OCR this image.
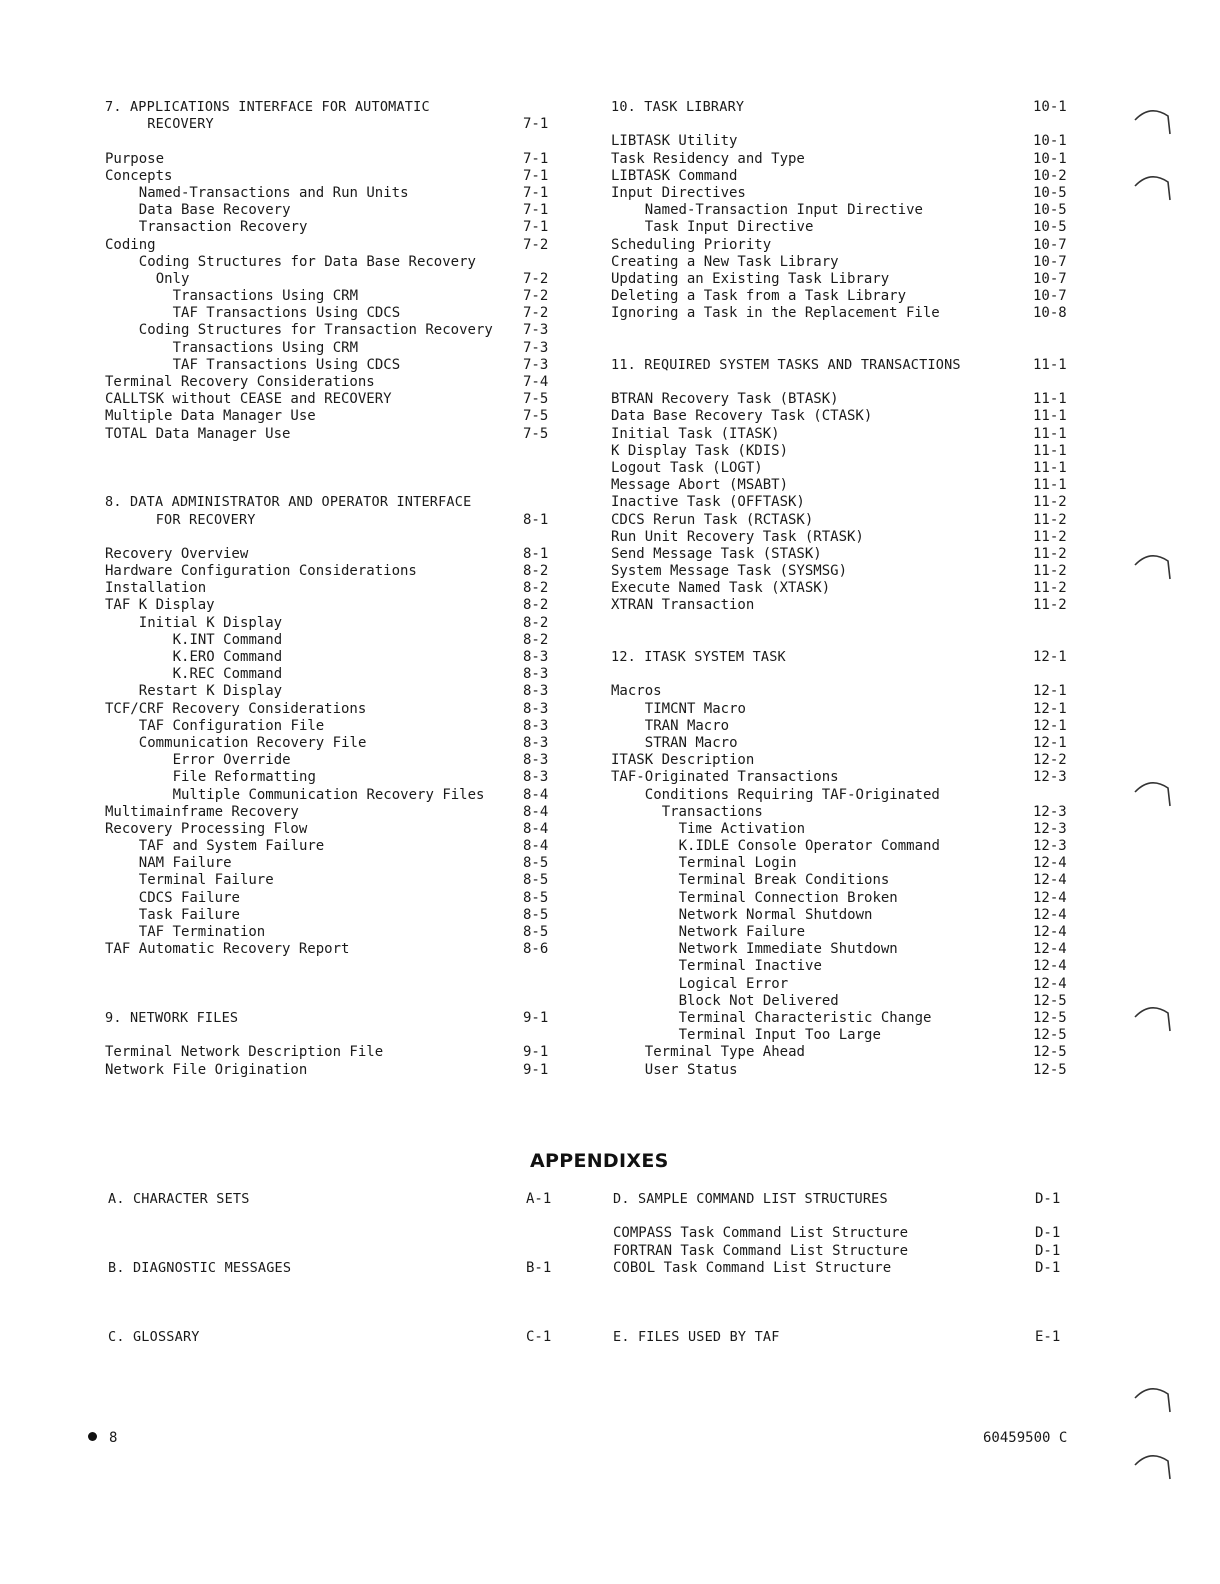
7. APPLICATIONS INTERFACE FOR AUTOMATIC
RECOVERY	7-1
Purpose	7-1
Concepts	7-1
Named-Transactions and Run Units	7-1
Data Base Recovery	7-1
Transaction Recovery	7-1
Coding	7-2
Coding Structures for Data Base Recovery
Only	7-2
Transactions Using CRM	7-2
TAF Transactions Using CDCS	7-2
Coding Structures for Transaction Recovery 7-3
Transactions Using CRM	7-3
TAF Transactions Using CDCS	7-3
Terminal Recovery Considerations	7-4
CALLTSK without CEASE and RECOVERY	7-5
Multiple Data Manager Use	7-5
TOTAL Data Manager Use	7-5
8. DATA ADMINISTRATOR AND OPERATOR INTERFACE
FOR RECOVERY	8-1
Recovery Overview	8-1
Hardware Configuration Considerations	8-2
Installation	8-2
TAF K Display	8-2
Initial K Display	8-2
K.INT Command	8-2
K.ERO Command	8-3
K.REC Command	8-3
Restart K Display	8-3
TCF/CRF Recovery Considerations	8-3
TAF Configuration File	8-3
Communication Recovery File	8-3
Error Override	8-3
File Reformatting	8-3
Multiple Communication Recovery Files	8-4
Multimainframe Recovery	8-4
Recovery Processing Flow	8-4
TAF and System Failure	8-4
NAM Failure	8-5
Terminal Failure	8-5
CDCS Failure	8-5
Task Failure	8-5
TAF Termination	8-5
TAF Automatic Recovery Report	8-6
9. NETWORK FILES	9-1
Terminal Network Description File	9-1
Network File Origination	9-1
10. TASK LIBRARY	10-1
LIBTASK Utility	10-1
Task Residency and Type	10-1
LIBTASK Command	10-2
Input Directives	10-5
Named-Transaction Input Directive	10-5
Task Input Directive	10-5
Scheduling Priority	10-7
Creating a New Task Library	10-7
Updating an Existing Task Library	10-7
Deleting a Task from a Task Library	10-7
Ignoring a Task in the Replacement File	10-8
11. REQUIRED SYSTEM TASKS AND TRANSACTIONS	11-1
BTRAN Recovery Task (BTASK)	11-1
Data Base Recovery Task (CTASK)	11-1
Initial Task (ITASK)	11-1
K Display Task (KDIS)	11-1
Logout Task (LOGT)	11-1
Message Abort (MSABT)	11-1
Inactive Task (OFFTASK)	11-2
CDCS Rerun Task (RCTASK)	11-2
Run Unit Recovery Task (RTASK)	11-2
Send Message Task (STASK)	11-2
System Message Task (SYSMSG)	11-2
Execute Named Task (XTASK)	11-2
XTRAN Transaction	11-2
12. ITASK SYSTEM TASK	12-1
Macros	12-1
TIMCNT Macro	12-1
TRAN Macro	12-1
STRAN Macro	12-1
ITASK Description	12-2
TAF-Originated Transactions	12-3
Conditions Requiring TAF-Originated
Transactions	12-3
Time Activation	12-3
K.IDLE Console Operator Command	12-3
Terminal Login	12-4
Terminal Break Conditions	12-4
Terminal Connection Broken	12-4
Network Normal Shutdown	12-4
Network Failure	12-4
Network Immediate Shutdown	12-4
Terminal Inactive	12-4
Logical Error	12-4
Block Not Delivered	12-5
Terminal Characteristic Change	12-5
Terminal Input Too Large	12-5
Terminal Type Ahead	12-5
User Status	12-5
APPENDIXES
A. CHARACTER SETS	A-1
B. DIAGNOSTIC MESSAGES	B-1
C. GLOSSARY	C-1
D. SAMPLE COMMAND LIST STRUCTURES	D-1
COMPASS Task Command List Structure	D-1
FORTRAN Task Command List Structure	D-1
COBOL Task Command List Structure	D-1
E. FILES USED BY TAF	E-1
8	60459500 C
